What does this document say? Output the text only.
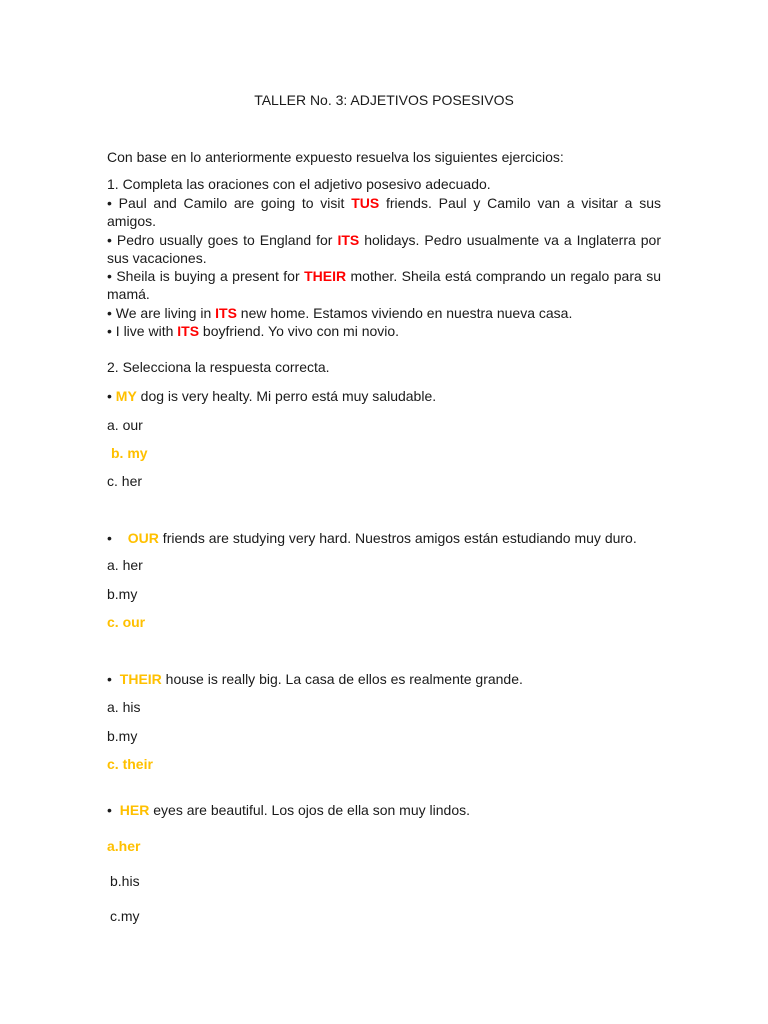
TALLER No. 3: ADJETIVOS POSESIVOS
Con base en lo anteriormente expuesto resuelva los siguientes ejercicios:
1. Completa las oraciones con el adjetivo posesivo adecuado.
• Paul and Camilo are going to visit TUS friends. Paul y Camilo van a visitar a sus amigos.
• Pedro usually goes to England for ITS holidays. Pedro usualmente va a Inglaterra por sus vacaciones.
• Sheila is buying a present for THEIR mother. Sheila está comprando un regalo para su mamá.
• We are living in ITS new home. Estamos viviendo en nuestra nueva casa.
• I live with ITS boyfriend. Yo vivo con mi novio.
2. Selecciona la respuesta correcta.
• MY dog is very healty. Mi perro está muy saludable.
a. our
b. my
c. her
• OUR friends are studying very hard. Nuestros amigos están estudiando muy duro.
a. her
b.my
c. our
• THEIR house is really big. La casa de ellos es realmente grande.
a. his
b.my
c. their
• HER eyes are beautiful. Los ojos de ella son muy lindos.
a.her
b.his
c.my
